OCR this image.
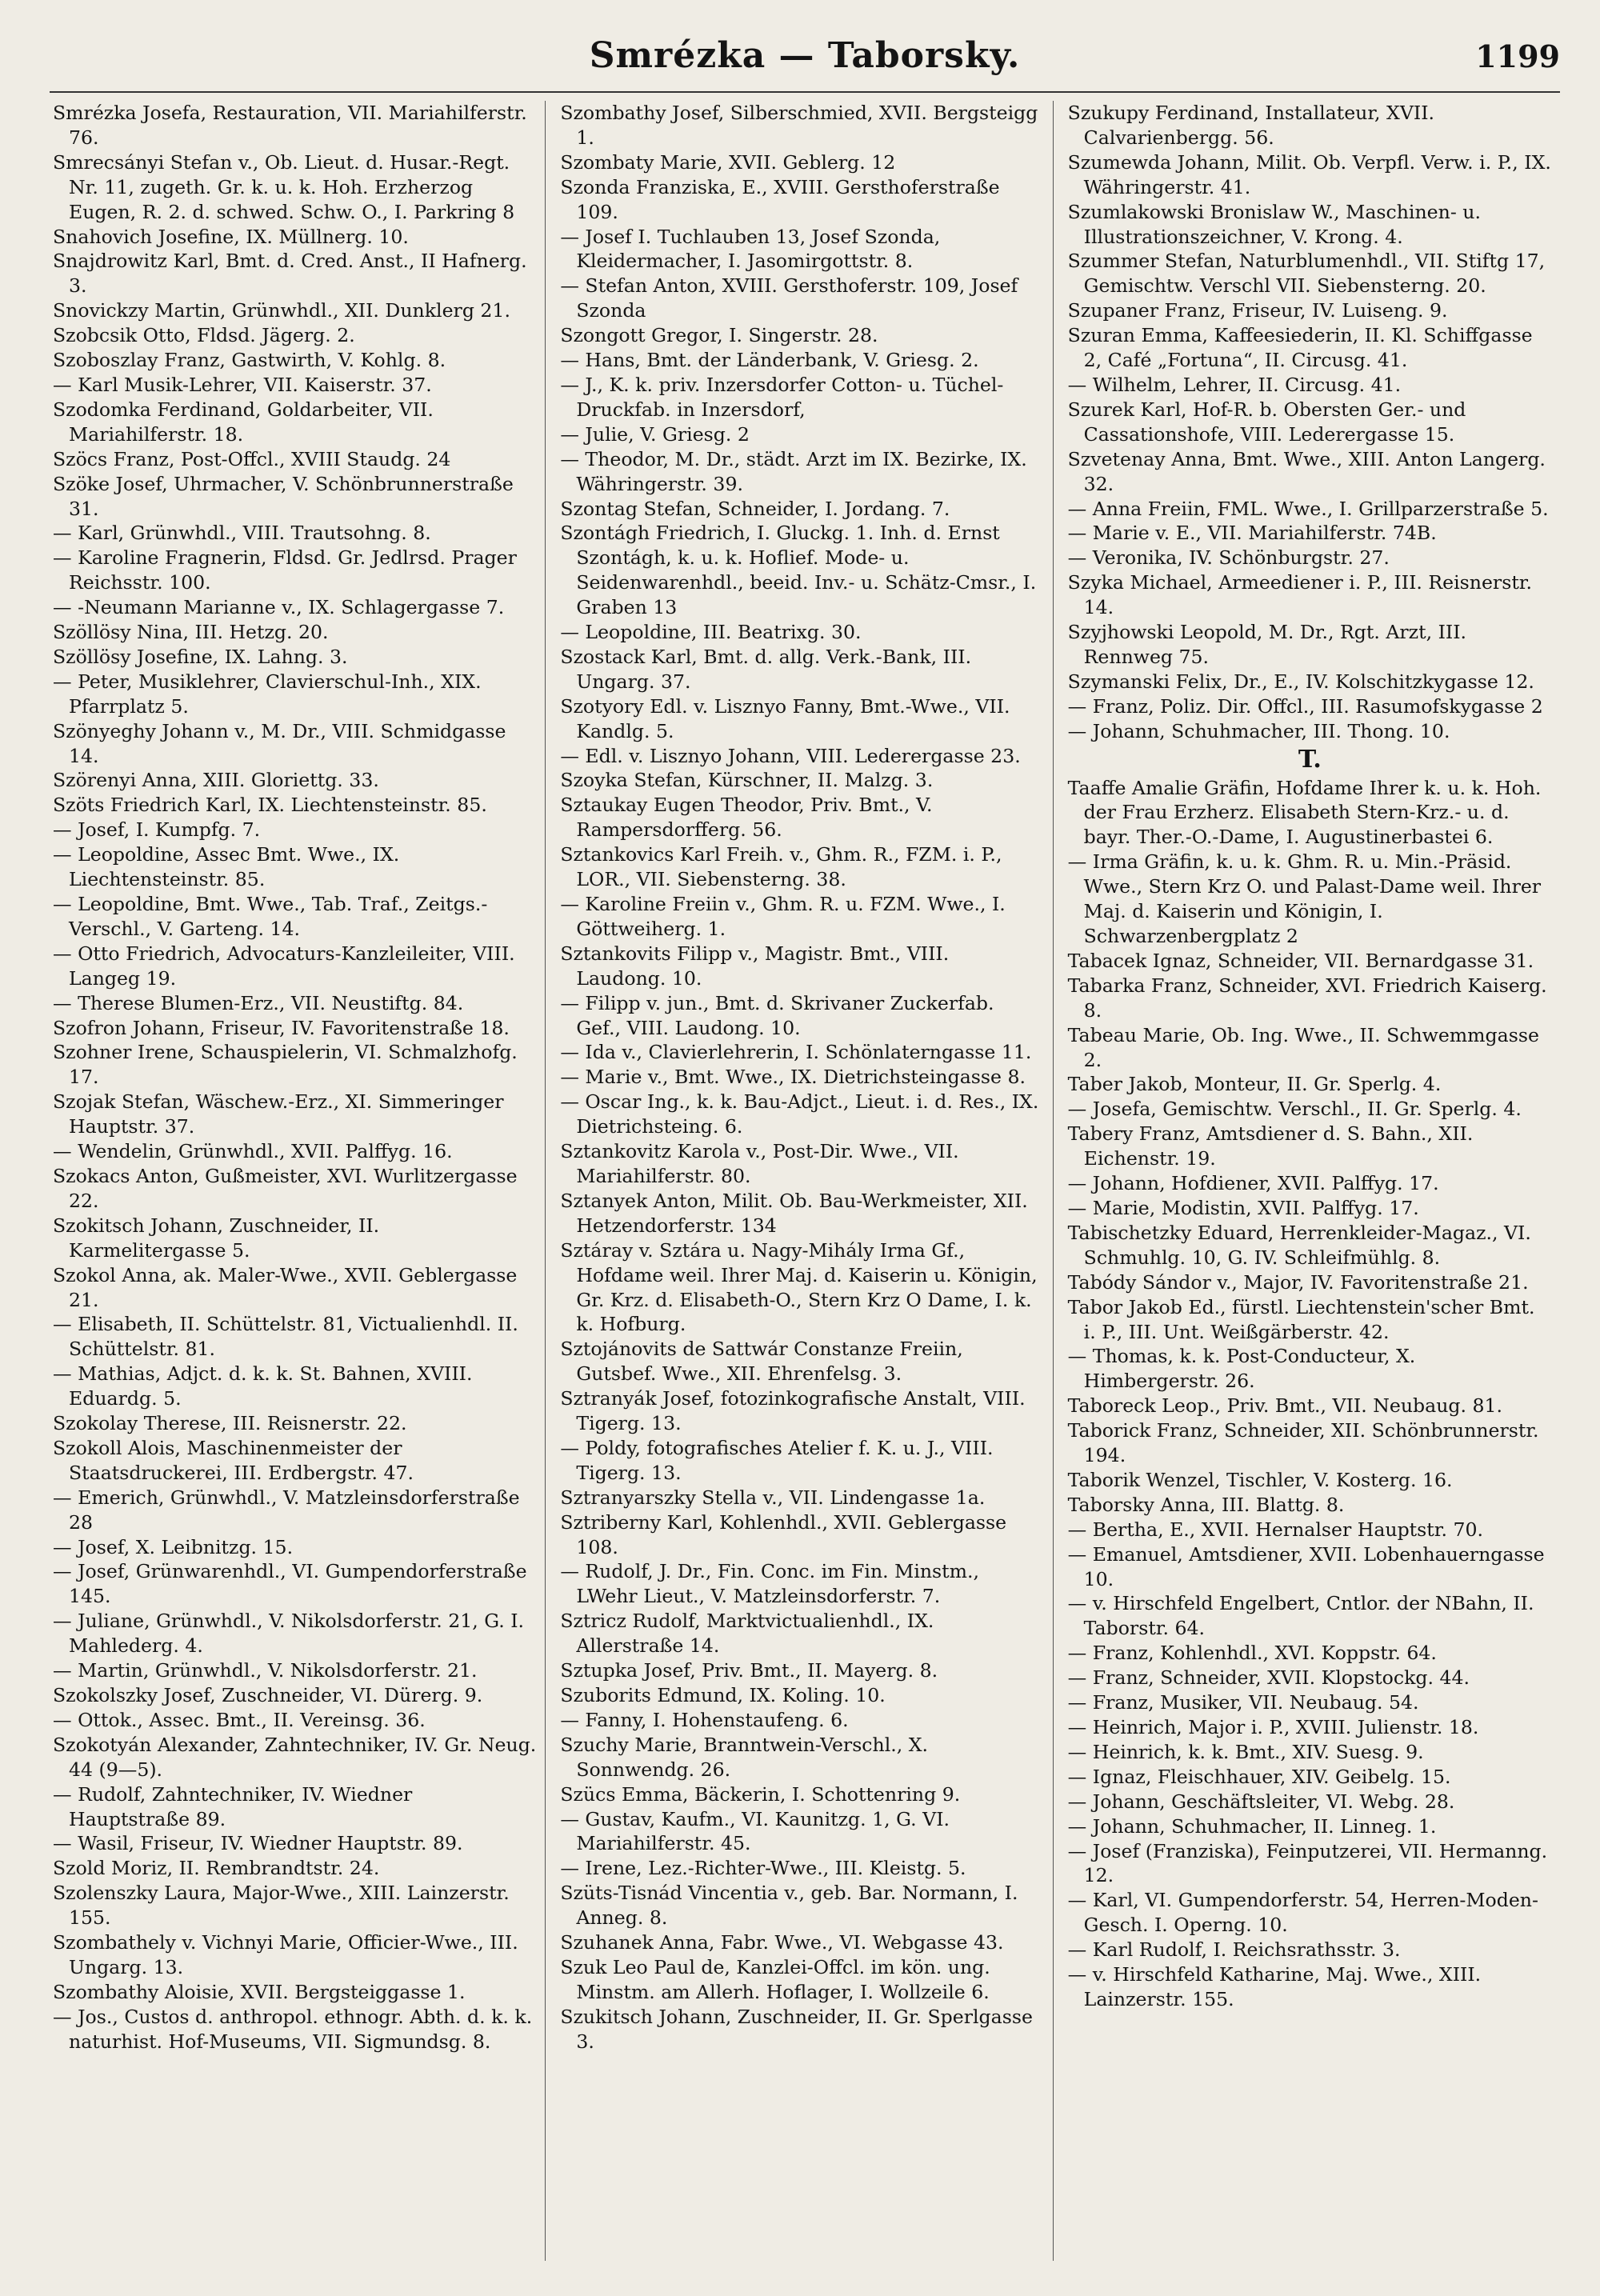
Smrézka — Taborsky.	1199
Smrézka Josefa, Restauration, VII. Mariahilferstr. 76.
Smrecsányi Stefan v., Ob. Lieut. d. Husar.-Regt. Nr. 11, zugeth. Gr. k. u. k. Hoh. Erzherzog Eugen, R. 2. d. schwed. Schw. O., I. Parkring 8
Snahovich Josefine, IX. Müllnerg. 10.
Snajdrowitz Karl, Bmt. d. Cred. Anst., II Hafnerg. 3.
Snovickzy Martin, Grünwhdl., XII. Dunklerg 21.
Szobcsik Otto, Fldsd. Jägerg. 2.
Szoboszlay Franz, Gastwirth, V. Kohlg. 8.
— Karl Musik-Lehrer, VII. Kaiserstr. 37.
Szodomka Ferdinand, Goldarbeiter, VII. Mariahilferstr. 18.
Szöcs Franz, Post-Offcl., XVIII Staudg. 24
Szöke Josef, Uhrmacher, V. Schönbrunnerstraße 31.
— Karl, Grünwhdl., VIII. Trautsohng. 8.
— Karoline Fragnerin, Fldsd. Gr. Jedlrsd. Prager Reichsstr. 100.
— -Neumann Marianne v., IX. Schlagergasse 7.
Szöllösy Nina, III. Hetzg. 20.
Szöllösy Josefine, IX. Lahng. 3.
— Peter, Musiklehrer, Clavierschul-Inh., XIX. Pfarrplatz 5.
Szönyeghy Johann v., M. Dr., VIII. Schmidgasse 14.
Szörenyi Anna, XIII. Gloriettg. 33.
Szöts Friedrich Karl, IX. Liechtensteinstr. 85.
— Josef, I. Kumpfg. 7.
— Leopoldine, Assec Bmt. Wwe., IX. Liechtensteinstr. 85.
— Leopoldine, Bmt. Wwe., Tab. Traf., Zeitgs.-Verschl., V. Garteng. 14.
— Otto Friedrich, Advocaturs-Kanzleileiter, VIII. Langeg 19.
— Therese Blumen-Erz., VII. Neustiftg. 84.
Szofron Johann, Friseur, IV. Favoritenstraße 18.
Szohner Irene, Schauspielerin, VI. Schmalzhofg. 17.
Szojak Stefan, Wäschew.-Erz., XI. Simmeringer Hauptstr. 37.
— Wendelin, Grünwhdl., XVII. Palffyg. 16.
Szokacs Anton, Gußmeister, XVI. Wurlitzergasse 22.
Szokitsch Johann, Zuschneider, II. Karmelitergasse 5.
Szokol Anna, ak. Maler-Wwe., XVII. Geblergasse 21.
— Elisabeth, II. Schüttelstr. 81, Victualienhdl. II. Schüttelstr. 81.
— Mathias, Adjct. d. k. k. St. Bahnen, XVIII. Eduardg. 5.
Szokolay Therese, III. Reisnerstr. 22.
Szokoll Alois, Maschinenmeister der Staatsdruckerei, III. Erdbergstr. 47.
— Emerich, Grünwhdl., V. Matzleinsdorferstraße 28
— Josef, X. Leibnitzg. 15.
— Josef, Grünwarenhdl., VI. Gumpendorferstraße 145.
— Juliane, Grünwhdl., V. Nikolsdorferstr. 21, G. I. Mahlederg. 4.
— Martin, Grünwhdl., V. Nikolsdorferstr. 21.
Szokolszky Josef, Zuschneider, VI. Dürerg. 9.
— Ottok., Assec. Bmt., II. Vereinsg. 36.
Szokotyán Alexander, Zahntechniker, IV. Gr. Neug. 44 (9—5).
— Rudolf, Zahntechniker, IV. Wiedner Hauptstraße 89.
— Wasil, Friseur, IV. Wiedner Hauptstr. 89.
Szold Moriz, II. Rembrandtstr. 24.
Szolenszky Laura, Major-Wwe., XIII. Lainzerstr. 155.
Szombathely v. Vichnyi Marie, Officier-Wwe., III. Ungarg. 13.
Szombathy Aloisie, XVII. Bergsteiggasse 1.
— Jos., Custos d. anthropol. ethnogr. Abth. d. k. k. naturhist. Hof-Museums, VII. Sigmundsg. 8.
Szombathy Josef, Silberschmied, XVII. Bergsteigg 1.
Szombaty Marie, XVII. Geblerg. 12
Szonda Franziska, E., XVIII. Gersthoferstraße 109.
— Josef I. Tuchlauben 13, Josef Szonda, Kleidermacher, I. Jasomirgottstr. 8.
— Stefan Anton, XVIII. Gersthoferstr. 109, Josef Szonda
Szongott Gregor, I. Singerstr. 28.
— Hans, Bmt. der Länderbank, V. Griesg. 2.
— J., K. k. priv. Inzersdorfer Cotton- u. Tüchel-Druckfab. in Inzersdorf,
— Julie, V. Griesg. 2
— Theodor, M. Dr., städt. Arzt im IX. Bezirke, IX. Währingerstr. 39.
Szontag Stefan, Schneider, I. Jordang. 7.
Szontágh Friedrich, I. Gluckg. 1. Inh. d. Ernst Szontágh, k. u. k. Hoflief. Mode- u. Seidenwarenhdl., beeid. Inv.- u. Schätz-Cmsr., I. Graben 13
— Leopoldine, III. Beatrixg. 30.
Szostack Karl, Bmt. d. allg. Verk.-Bank, III. Ungarg. 37.
Szotyory Edl. v. Lisznyo Fanny, Bmt.-Wwe., VII. Kandlg. 5.
— Edl. v. Lisznyo Johann, VIII. Lederergasse 23.
Szoyka Stefan, Kürschner, II. Malzg. 3.
Sztaukay Eugen Theodor, Priv. Bmt., V. Rampersdorfferg. 56.
Sztankovics Karl Freih. v., Ghm. R., FZM. i. P., LOR., VII. Siebensterng. 38.
— Karoline Freiin v., Ghm. R. u. FZM. Wwe., I. Göttweiherg. 1.
Sztankovits Filipp v., Magistr. Bmt., VIII. Laudong. 10.
— Filipp v. jun., Bmt. d. Skrivaner Zuckerfab. Gef., VIII. Laudong. 10.
— Ida v., Clavierlehrerin, I. Schönlaterngasse 11.
— Marie v., Bmt. Wwe., IX. Dietrichsteingasse 8.
— Oscar Ing., k. k. Bau-Adjct., Lieut. i. d. Res., IX. Dietrichsteing. 6.
Sztankovitz Karola v., Post-Dir. Wwe., VII. Mariahilferstr. 80.
Sztanyek Anton, Milit. Ob. Bau-Werkmeister, XII. Hetzendorferstr. 134
Sztáray v. Sztára u. Nagy-Mihály Irma Gf., Hofdame weil. Ihrer Maj. d. Kaiserin u. Königin, Gr. Krz. d. Elisabeth-O., Stern Krz O Dame, I. k. k. Hofburg.
Sztojánovits de Sattwár Constanze Freiin, Gutsbef. Wwe., XII. Ehrenfelsg. 3.
Sztranyák Josef, fotozinkografische Anstalt, VIII. Tigerg. 13.
— Poldy, fotografisches Atelier f. K. u. J., VIII. Tigerg. 13.
Sztranyarszky Stella v., VII. Lindengasse 1a.
Sztriberny Karl, Kohlenhdl., XVII. Geblergasse 108.
— Rudolf, J. Dr., Fin. Conc. im Fin. Minstm., LWehr Lieut., V. Matzleinsdorferstr. 7.
Sztricz Rudolf, Marktvictualienhdl., IX. Allerstraße 14.
Sztupka Josef, Priv. Bmt., II. Mayerg. 8.
Szuborits Edmund, IX. Koling. 10.
— Fanny, I. Hohenstaufeng. 6.
Szuchy Marie, Branntwein-Verschl., X. Sonnwendg. 26.
Szücs Emma, Bäckerin, I. Schottenring 9.
— Gustav, Kaufm., VI. Kaunitzg. 1, G. VI. Mariahilferstr. 45.
— Irene, Lez.-Richter-Wwe., III. Kleistg. 5.
Szüts-Tisnád Vincentia v., geb. Bar. Normann, I. Anneg. 8.
Szuhanek Anna, Fabr. Wwe., VI. Webgasse 43.
Szuk Leo Paul de, Kanzlei-Offcl. im kön. ung. Minstm. am Allerh. Hoflager, I. Wollzeile 6.
Szukitsch Johann, Zuschneider, II. Gr. Sperlgasse 3.
Szukupy Ferdinand, Installateur, XVII. Calvarienbergg. 56.
Szumewda Johann, Milit. Ob. Verpfl. Verw. i. P., IX. Währingerstr. 41.
Szumlakowski Bronislaw W., Maschinen- u. Illustrationszeichner, V. Krong. 4.
Szummer Stefan, Naturblumenhdl., VII. Stiftg 17, Gemischtw. Verschl VII. Siebensterng. 20.
Szupaner Franz, Friseur, IV. Luiseng. 9.
Szuran Emma, Kaffeesiederin, II. Kl. Schiffgasse 2, Café „Fortuna“, II. Circusg. 41.
— Wilhelm, Lehrer, II. Circusg. 41.
Szurek Karl, Hof-R. b. Obersten Ger.- und Cassationshofe, VIII. Lederergasse 15.
Szvetenay Anna, Bmt. Wwe., XIII. Anton Langerg. 32.
— Anna Freiin, FML. Wwe., I. Grillparzerstraße 5.
— Marie v. E., VII. Mariahilferstr. 74B.
— Veronika, IV. Schönburgstr. 27.
Szyka Michael, Armeediener i. P., III. Reisnerstr. 14.
Szyjhowski Leopold, M. Dr., Rgt. Arzt, III. Rennweg 75.
Szymanski Felix, Dr., E., IV. Kolschitzkygasse 12.
— Franz, Poliz. Dir. Offcl., III. Rasumofskygasse 2
— Johann, Schuhmacher, III. Thong. 10.
T.
Taaffe Amalie Gräfin, Hofdame Ihrer k. u. k. Hoh. der Frau Erzherz. Elisabeth Stern-Krz.- u. d. bayr. Ther.-O.-Dame, I. Augustinerbastei 6.
— Irma Gräfin, k. u. k. Ghm. R. u. Min.-Präsid. Wwe., Stern Krz O. und Palast-Dame weil. Ihrer Maj. d. Kaiserin und Königin, I. Schwarzenbergplatz 2
Tabacek Ignaz, Schneider, VII. Bernardgasse 31.
Tabarka Franz, Schneider, XVI. Friedrich Kaiserg. 8.
Tabeau Marie, Ob. Ing. Wwe., II. Schwemmgasse 2.
Taber Jakob, Monteur, II. Gr. Sperlg. 4.
— Josefa, Gemischtw. Verschl., II. Gr. Sperlg. 4.
Tabery Franz, Amtsdiener d. S. Bahn., XII. Eichenstr. 19.
— Johann, Hofdiener, XVII. Palffyg. 17.
— Marie, Modistin, XVII. Palffyg. 17.
Tabischetzky Eduard, Herrenkleider-Magaz., VI. Schmuhlg. 10, G. IV. Schleifmühlg. 8.
Tabódy Sándor v., Major, IV. Favoritenstraße 21.
Tabor Jakob Ed., fürstl. Liechtenstein'scher Bmt. i. P., III. Unt. Weißgärberstr. 42.
— Thomas, k. k. Post-Conducteur, X. Himbergerstr. 26.
Taboreck Leop., Priv. Bmt., VII. Neubaug. 81.
Taborick Franz, Schneider, XII. Schönbrunnerstr. 194.
Taborik Wenzel, Tischler, V. Kosterg. 16.
Taborsky Anna, III. Blattg. 8.
— Bertha, E., XVII. Hernalser Hauptstr. 70.
— Emanuel, Amtsdiener, XVII. Lobenhauerngasse 10.
— v. Hirschfeld Engelbert, Cntlor. der NBahn, II. Taborstr. 64.
— Franz, Kohlenhdl., XVI. Koppstr. 64.
— Franz, Schneider, XVII. Klopstockg. 44.
— Franz, Musiker, VII. Neubaug. 54.
— Heinrich, Major i. P., XVIII. Julienstr. 18.
— Heinrich, k. k. Bmt., XIV. Suesg. 9.
— Ignaz, Fleischhauer, XIV. Geibelg. 15.
— Johann, Geschäftsleiter, VI. Webg. 28.
— Johann, Schuhmacher, II. Linneg. 1.
— Josef (Franziska), Feinputzerei, VII. Hermanng. 12.
— Karl, VI. Gumpendorferstr. 54, Herren-Moden-Gesch. I. Operng. 10.
— Karl Rudolf, I. Reichsrathsstr. 3.
— v. Hirschfeld Katharine, Maj. Wwe., XIII. Lainzerstr. 155.
